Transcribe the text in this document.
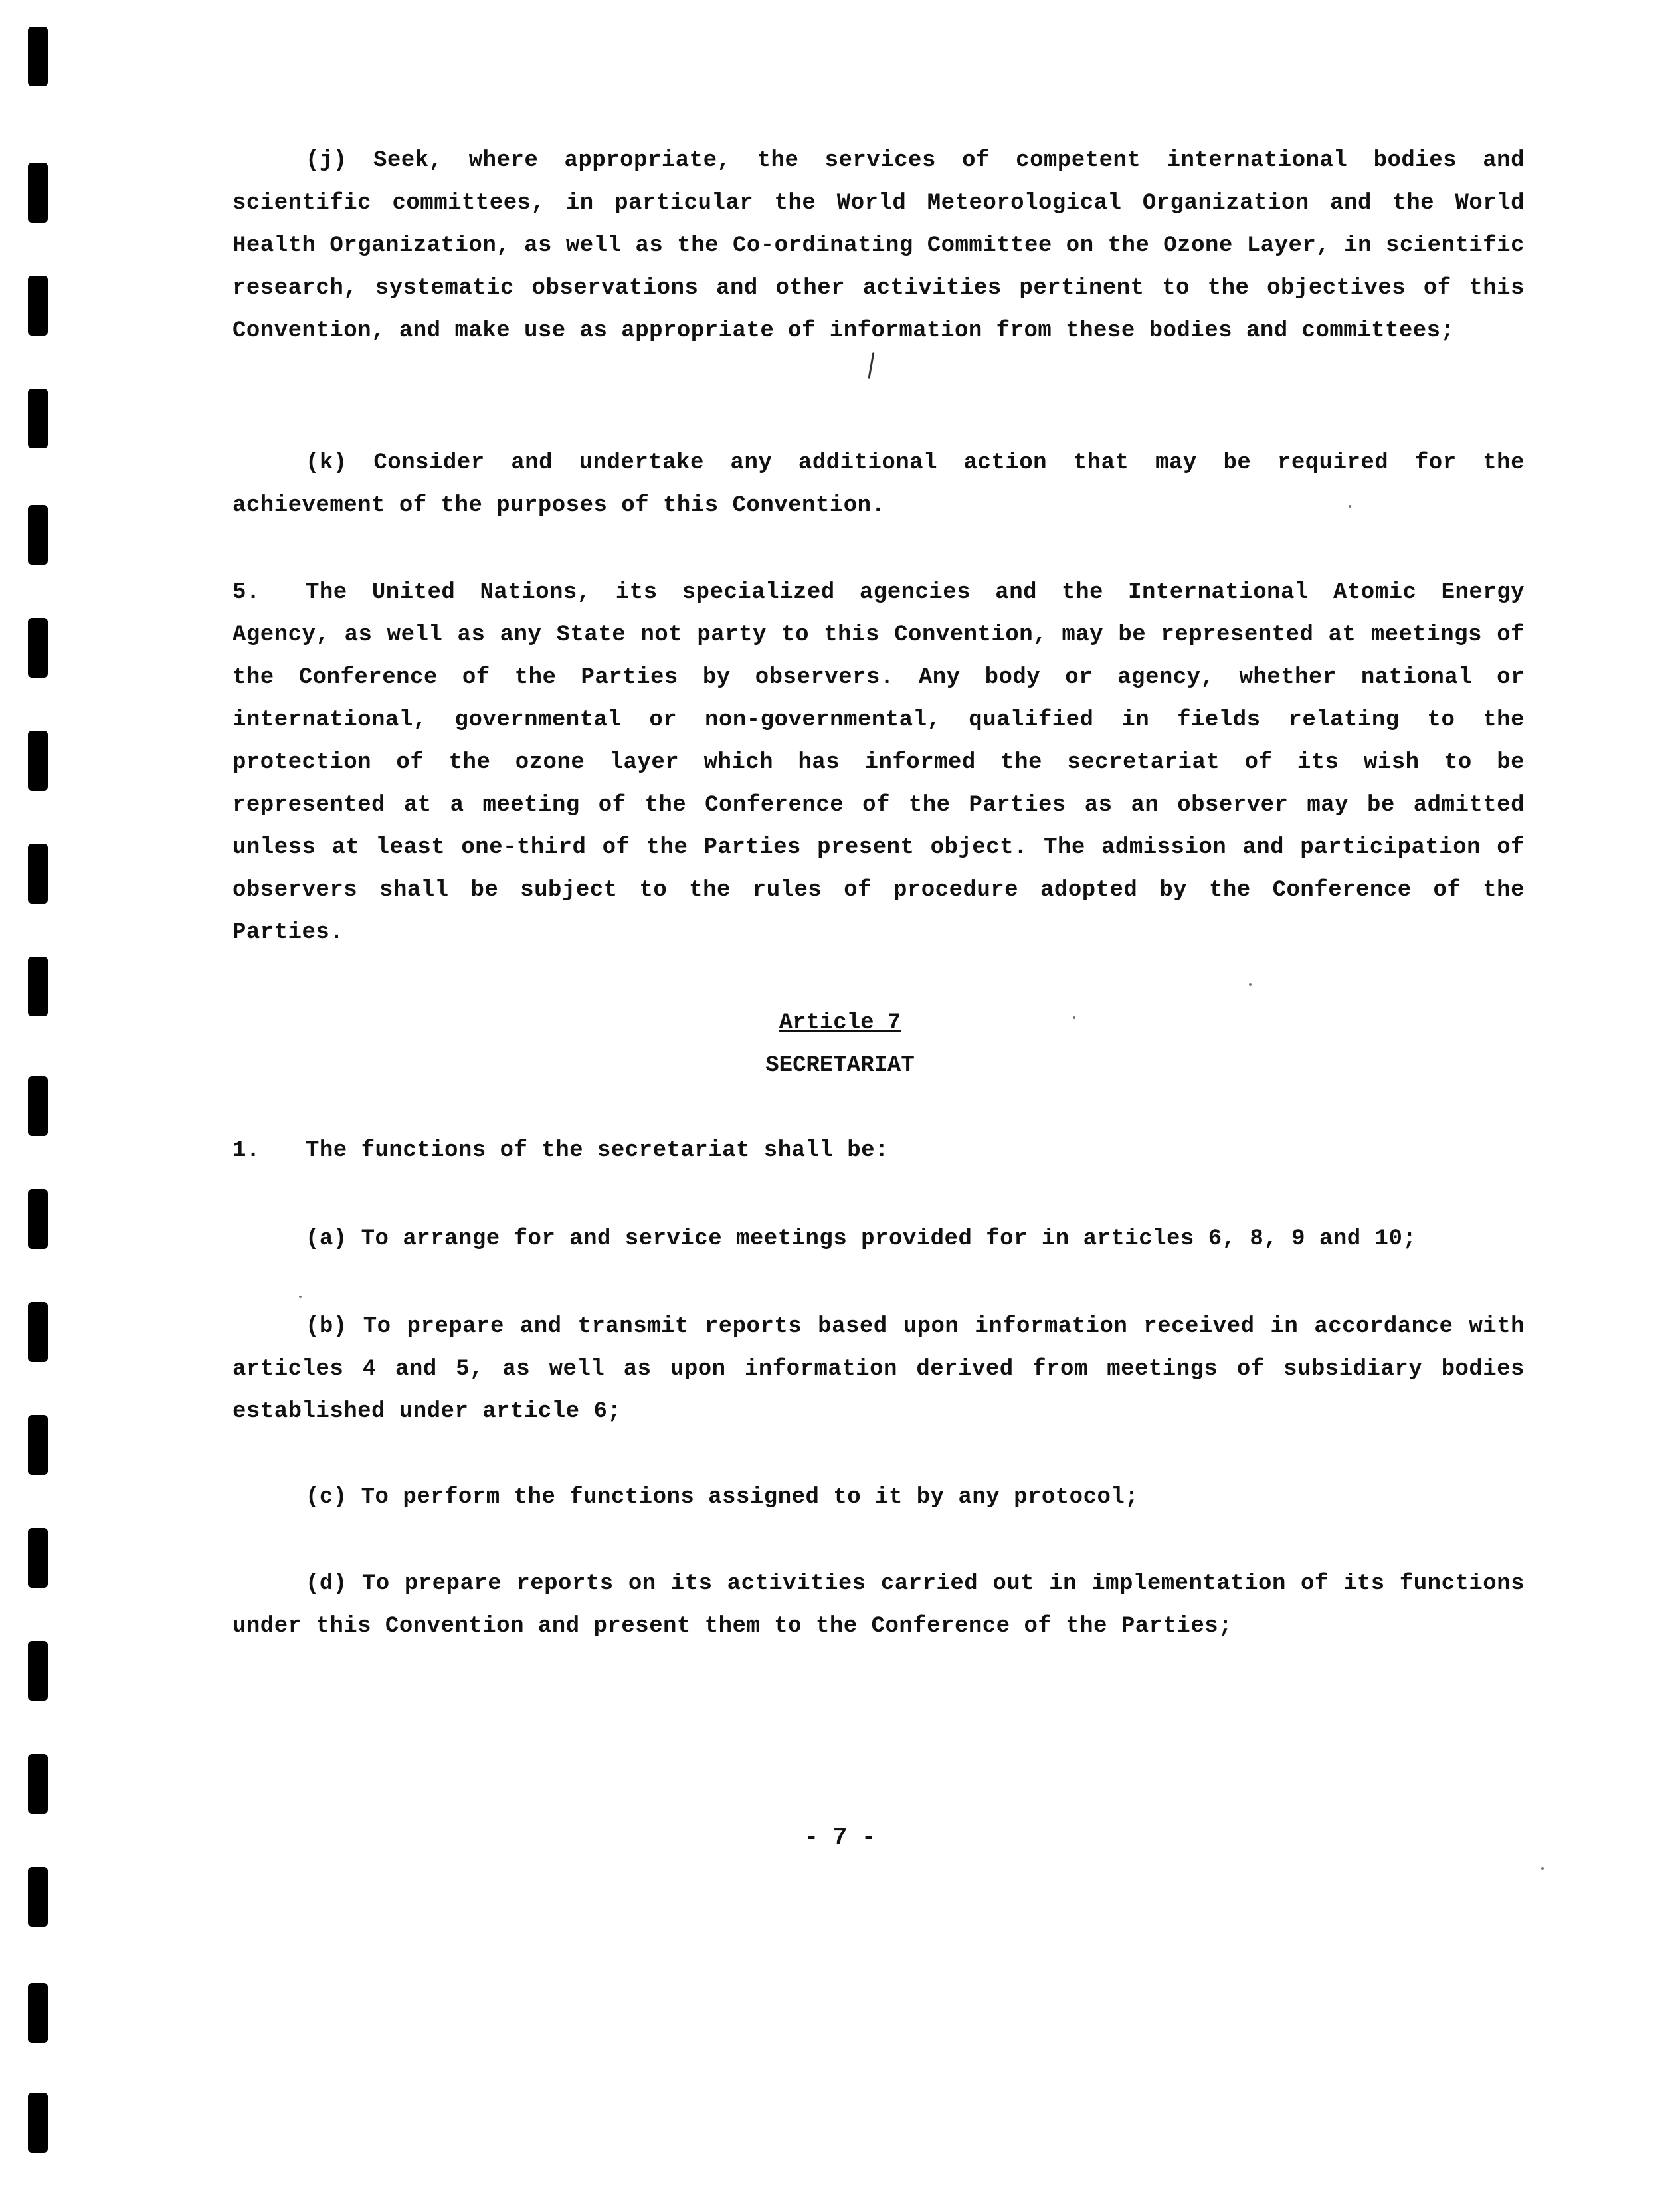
(j) Seek, where appropriate, the services of competent international bodies and scientific committees, in particular the World Meteorological Organization and the World Health Organization, as well as the Co-ordinating Committee on the Ozone Layer, in scientific research, systematic observations and other activities pertinent to the objectives of this Convention, and make use as appropriate of information from these bodies and committees;

(k) Consider and undertake any additional action that may be required for the achievement of the purposes of this Convention.

5. The United Nations, its specialized agencies and the International Atomic Energy Agency, as well as any State not party to this Convention, may be represented at meetings of the Conference of the Parties by observers. Any body or agency, whether national or international, governmental or non-governmental, qualified in fields relating to the protection of the ozone layer which has informed the secretariat of its wish to be represented at a meeting of the Conference of the Parties as an observer may be admitted unless at least one-third of the Parties present object. The admission and participation of observers shall be subject to the rules of procedure adopted by the Conference of the Parties.

Article 7
SECRETARIAT

1. The functions of the secretariat shall be:

(a) To arrange for and service meetings provided for in articles 6, 8, 9 and 10;

(b) To prepare and transmit reports based upon information received in accordance with articles 4 and 5, as well as upon information derived from meetings of subsidiary bodies established under article 6;

(c) To perform the functions assigned to it by any protocol;

(d) To prepare reports on its activities carried out in implementation of its functions under this Convention and present them to the Conference of the Parties;

- 7 -
